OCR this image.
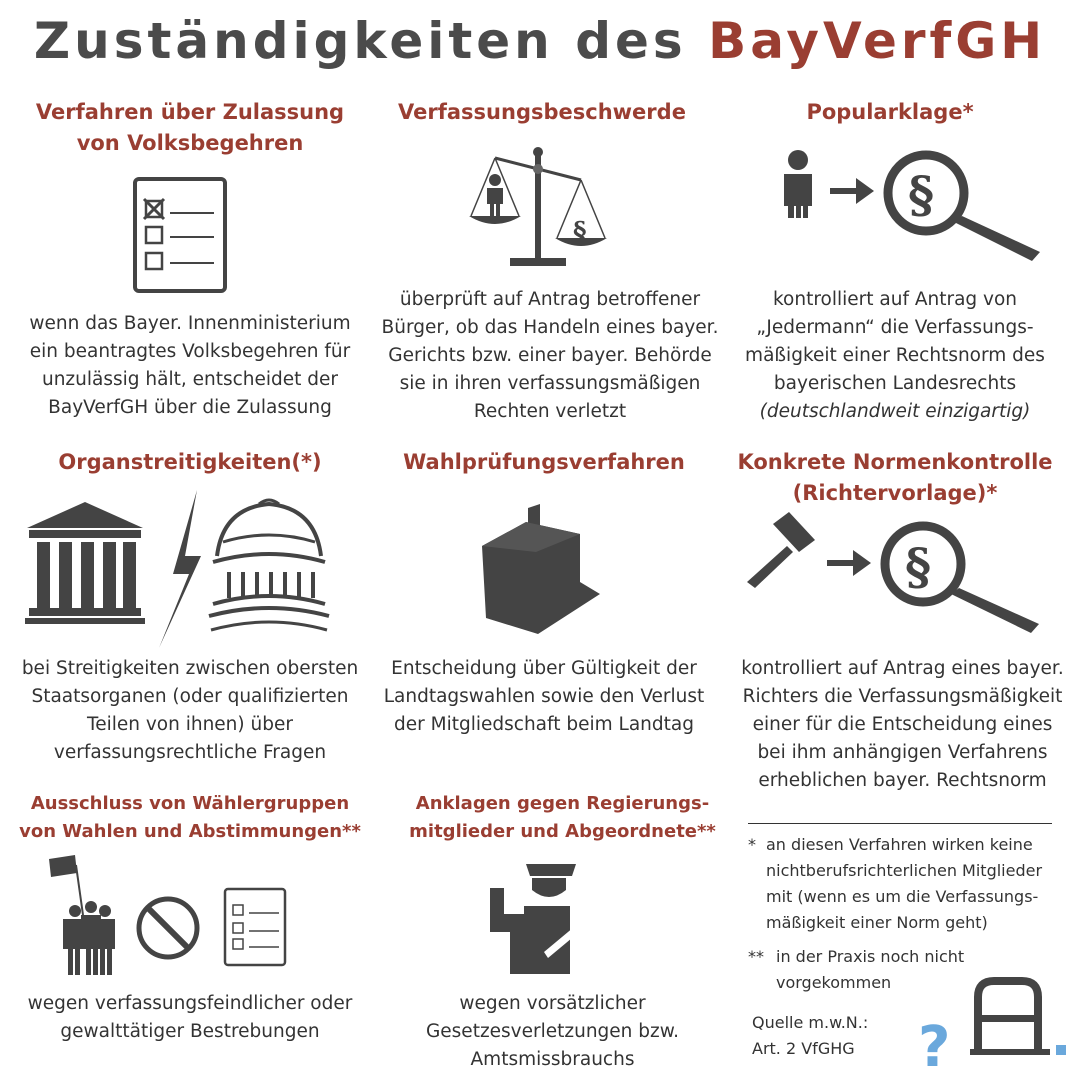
Zuständigkeiten des BayVerfGH
Verfahren über Zulassung
von Volksbegehren
wenn das Bayer. Innenministerium
ein beantragtes Volksbegehren für
unzulässig hält, entscheidet der
BayVerfGH über die Zulassung
Verfassungsbeschwerde
§
überprüft auf Antrag betroffener
Bürger, ob das Handeln eines bayer.
Gerichts bzw. einer bayer. Behörde
sie in ihren verfassungsmäßigen
Rechten verletzt
Popularklage*
§
kontrolliert auf Antrag von
„Jedermann“ die Verfassungs-
mäßigkeit einer Rechtsnorm des
bayerischen Landesrechts
(deutschlandweit einzigartig)
Organstreitigkeiten(*)
bei Streitigkeiten zwischen obersten
Staatsorganen (oder qualifizierten
Teilen von ihnen) über
verfassungsrechtliche Fragen
Wahlprüfungsverfahren
Entscheidung über Gültigkeit der
Landtagswahlen sowie den Verlust
der Mitgliedschaft beim Landtag
Konkrete Normenkontrolle
(Richtervorlage)*
§
kontrolliert auf Antrag eines bayer.
Richters die Verfassungsmäßigkeit
einer für die Entscheidung eines
bei ihm anhängigen Verfahrens
erheblichen bayer. Rechtsnorm
Ausschluss von Wählergruppen
von Wahlen und Abstimmungen**
wegen verfassungsfeindlicher oder
gewalttätiger Bestrebungen
Anklagen gegen Regierungs-
mitglieder und Abgeordnete**
wegen vorsätzlicher
Gesetzesverletzungen bzw.
Amtsmissbrauchs
* an diesen Verfahren wirken keine
nichtberufsrichterlichen Mitglieder
mit (wenn es um die Verfassungs-
mäßigkeit einer Norm geht)
** in der Praxis noch nicht
vorgekommen
Quelle m.w.N.:
Art. 2 VfGHG	?
